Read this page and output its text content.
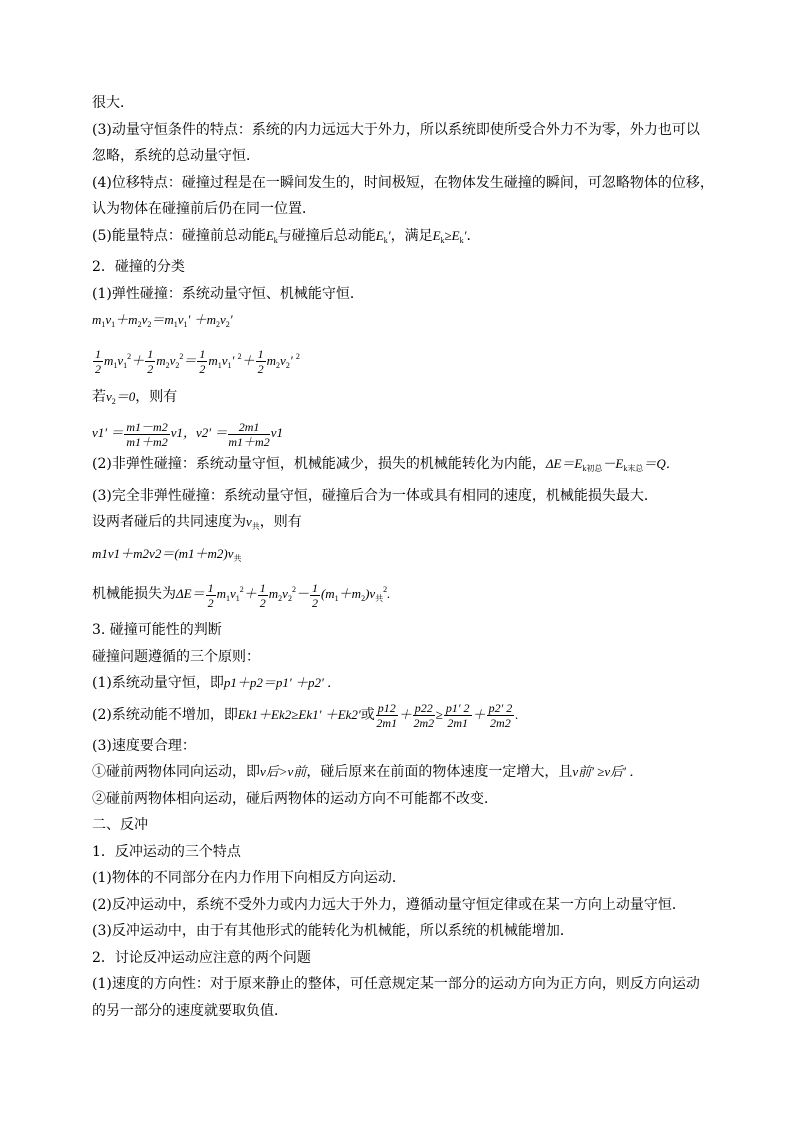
很大．
(3)动量守恒条件的特点：系统的内力远远大于外力，所以系统即使所受合外力不为零，外力也可以
忽略，系统的总动量守恒．
(4)位移特点：碰撞过程是在一瞬间发生的，时间极短，在物体发生碰撞的瞬间，可忽略物体的位移，
认为物体在碰撞前后仍在同一位置．
(5)能量特点：碰撞前总动能$E_k$与碰撞后总动能$E_k'$，满足$E_k\ge E_k'$．
2．碰撞的分类
(1)弹性碰撞：系统动量守恒、机械能守恒．
$m_1v_1+m_2v_2=m_1v_1' +m_2v_2'$
$\frac{1}{2} m_1v_1^2+ \frac{1}{2} m_2v_2^2= \frac{1}{2} m_1v_1'$ $^2+ \frac{1}{2} m_2v_2'$ $^2$
若$v_2=0$，则有
$v1' = \frac{m1-m2}{m1+m2} v1$，$v2' = \frac{2m1}{m1+m2} v1$
(2)非弹性碰撞：系统动量守恒，机械能减少，损失的机械能转化为内能，$\Delta E=E_{k初总}-E_{k末总}=Q$．
(3)完全非弹性碰撞：系统动量守恒，碰撞后合为一体或具有相同的速度，机械能损失最大．
设两者碰后的共同速度为$v_共$，则有
$m1v1+m2v2=(m1+m2)v_共$
机械能损失为$\Delta E= \frac{1}{2} m_1v_1^2+ \frac{1}{2} m_2v_2^2- \frac{1}{2} (m_1+m_2)v_共^2$.
3. 碰撞可能性的判断
碰撞问题遵循的三个原则：
(1)系统动量守恒，即p1＋p2＝p1′ ＋p2′ ．
(2)系统动能不增加，即Ek1＋Ek2≥Ek1′ ＋Ek2′或 $\frac{p12}{2m1} + \frac{p22}{2m2} \ge \frac{p1' 2}{2m1} + \frac{p2' 2}{2m2}$ .
(3)速度要合理：
①碰前两物体同向运动，即v后>v前，碰后原来在前面的物体速度一定增大，且v前′ ≥v后′ ．
②碰前两物体相向运动，碰后两物体的运动方向不可能都不改变．
二、反冲
1．反冲运动的三个特点
(1)物体的不同部分在内力作用下向相反方向运动．
(2)反冲运动中，系统不受外力或内力远大于外力，遵循动量守恒定律或在某一方向上动量守恒．
(3)反冲运动中，由于有其他形式的能转化为机械能，所以系统的机械能增加．
2．讨论反冲运动应注意的两个问题
(1)速度的方向性：对于原来静止的整体，可任意规定某一部分的运动方向为正方向，则反方向运动
的另一部分的速度就要取负值．
